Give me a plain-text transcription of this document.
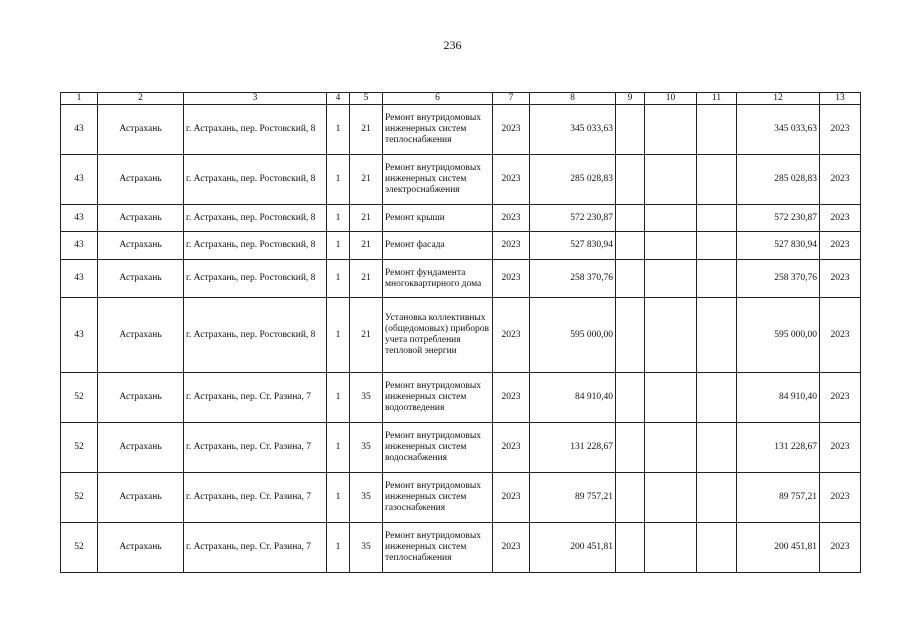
236
1	2	3	4	5	6	7	8	9	10	11	12	13
43	Астрахань	г. Астрахань, пер. Ростовский, 8	1	21	Ремонт внутридомовых инженерных систем теплоснабжения	2023	345 033,63				345 033,63	2023
43	Астрахань	г. Астрахань, пер. Ростовский, 8	1	21	Ремонт внутридомовых инженерных систем электроснабжения	2023	285 028,83				285 028,83	2023
43	Астрахань	г. Астрахань, пер. Ростовский, 8	1	21	Ремонт крыши	2023	572 230,87				572 230,87	2023
43	Астрахань	г. Астрахань, пер. Ростовский, 8	1	21	Ремонт фасада	2023	527 830,94				527 830,94	2023
43	Астрахань	г. Астрахань, пер. Ростовский, 8	1	21	Ремонт фундамента многоквартирного дома	2023	258 370,76				258 370,76	2023
43	Астрахань	г. Астрахань, пер. Ростовский, 8	1	21	Установка коллективных (общедомовых) приборов учета потребления тепловой энергии	2023	595 000,00				595 000,00	2023
52	Астрахань	г. Астрахань, пер. Ст. Разина, 7	1	35	Ремонт внутридомовых инженерных систем водоотведения	2023	84 910,40				84 910,40	2023
52	Астрахань	г. Астрахань, пер. Ст. Разина, 7	1	35	Ремонт внутридомовых инженерных систем водоснабжения	2023	131 228,67				131 228,67	2023
52	Астрахань	г. Астрахань, пер. Ст. Разина, 7	1	35	Ремонт внутридомовых инженерных систем газоснабжения	2023	89 757,21				89 757,21	2023
52	Астрахань	г. Астрахань, пер. Ст. Разина, 7	1	35	Ремонт внутридомовых инженерных систем теплоснабжения	2023	200 451,81				200 451,81	2023
